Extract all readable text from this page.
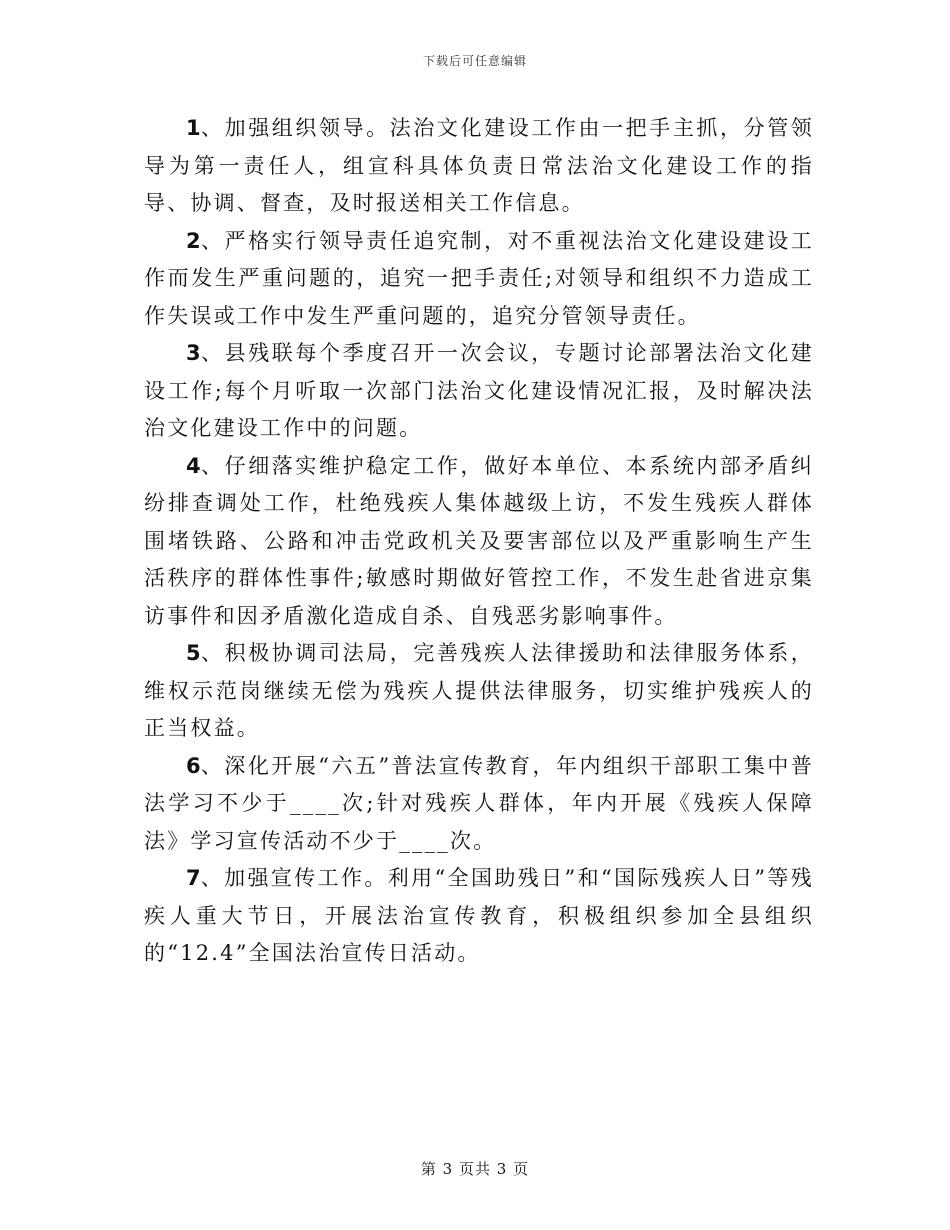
下载后可任意编辑

1、加强组织领导。法治文化建设工作由一把手主抓，分管领导为第一责任人，组宣科具体负责日常法治文化建设工作的指导、协调、督查，及时报送相关工作信息。

2、严格实行领导责任追究制，对不重视法治文化建设建设工作而发生严重问题的，追究一把手责任;对领导和组织不力造成工作失误或工作中发生严重问题的，追究分管领导责任。

3、县残联每个季度召开一次会议，专题讨论部署法治文化建设工作;每个月听取一次部门法治文化建设情况汇报，及时解决法治文化建设工作中的问题。

4、仔细落实维护稳定工作，做好本单位、本系统内部矛盾纠纷排查调处工作，杜绝残疾人集体越级上访，不发生残疾人群体围堵铁路、公路和冲击党政机关及要害部位以及严重影响生产生活秩序的群体性事件;敏感时期做好管控工作，不发生赴省进京集访事件和因矛盾激化造成自杀、自残恶劣影响事件。

5、积极协调司法局，完善残疾人法律援助和法律服务体系，维权示范岗继续无偿为残疾人提供法律服务，切实维护残疾人的正当权益。

6、深化开展“六五”普法宣传教育，年内组织干部职工集中普法学习不少于____次;针对残疾人群体，年内开展《残疾人保障法》学习宣传活动不少于____次。

7、加强宣传工作。利用“全国助残日”和“国际残疾人日”等残疾人重大节日，开展法治宣传教育，积极组织参加全县组织的“12.4”全国法治宣传日活动。

第 3 页共 3 页
